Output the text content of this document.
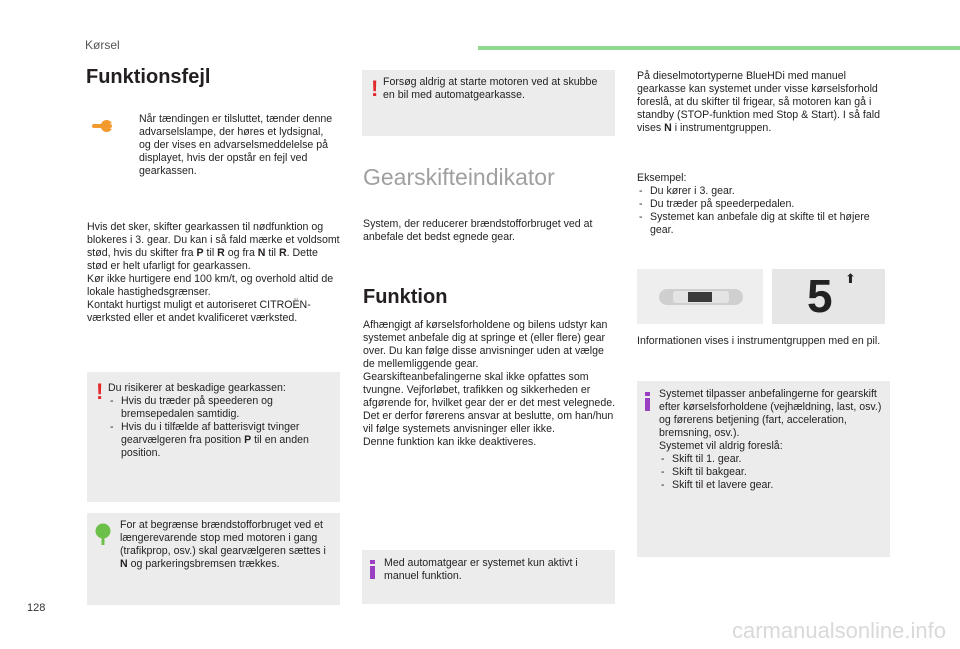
Kørsel
Funktionsfejl
Når tændingen er tilsluttet, tænder denne advarselslampe, der høres et lydsignal, og der vises en advarselsmeddelelse på displayet, hvis der opstår en fejl ved gearkassen.
Hvis det sker, skifter gearkassen til nødfunktion og blokeres i 3. gear. Du kan i så fald mærke et voldsomt stød, hvis du skifter fra P til R og fra N til R. Dette stød er helt ufarligt for gearkassen.
Kør ikke hurtigere end 100 km/t, og overhold altid de lokale hastighedsgrænser.
Kontakt hurtigst muligt et autoriseret CITROËN-værksted eller et andet kvalificeret værksted.
! Du risikerer at beskadige gearkassen:
- Hvis du træder på speederen og bremsepedalen samtidig.
- Hvis du i tilfælde af batterisvigt tvinger gearvælgeren fra position P til en anden position.
For at begrænse brændstofforbruget ved et længerevarende stop med motoren i gang (trafikprop, osv.) skal gearvælgeren sættes i N og parkeringsbremsen trækkes.
! Forsøg aldrig at starte motoren ved at skubbe en bil med automatgearkasse.
Gearskifteindikator
System, der reducerer brændstofforbruget ved at anbefale det bedst egnede gear.
Funktion
Afhængigt af kørselsforholdene og bilens udstyr kan systemet anbefale dig at springe et (eller flere) gear over. Du kan følge disse anvisninger uden at vælge de mellemliggende gear.
Gearskifteanbefalingerne skal ikke opfattes som tvungne. Vejforløbet, trafikken og sikkerheden er afgørende for, hvilket gear der er det mest velegnede. Det er derfor førerens ansvar at beslutte, om han/hun vil følge systemets anvisninger eller ikke.
Denne funktion kan ikke deaktiveres.
Med automatgear er systemet kun aktivt i manuel funktion.
På dieselmotortyperne BlueHDi med manuel gearkasse kan systemet under visse kørselsforhold foreslå, at du skifter til frigear, så motoren kan gå i standby (STOP-funktion med Stop & Start). I så fald vises N i instrumentgruppen.
Eksempel:
- Du kører i 3. gear.
- Du træder på speederpedalen.
- Systemet kan anbefale dig at skifte til et højere gear.
5 ⬆
Informationen vises i instrumentgruppen med en pil.
Systemet tilpasser anbefalingerne for gearskift efter kørselsforholdene (vejhældning, last, osv.) og førerens betjening (fart, acceleration, bremsning, osv.).
Systemet vil aldrig foreslå:
- Skift til 1. gear.
- Skift til bakgear.
- Skift til et lavere gear.
128
carmanualsonline.info
